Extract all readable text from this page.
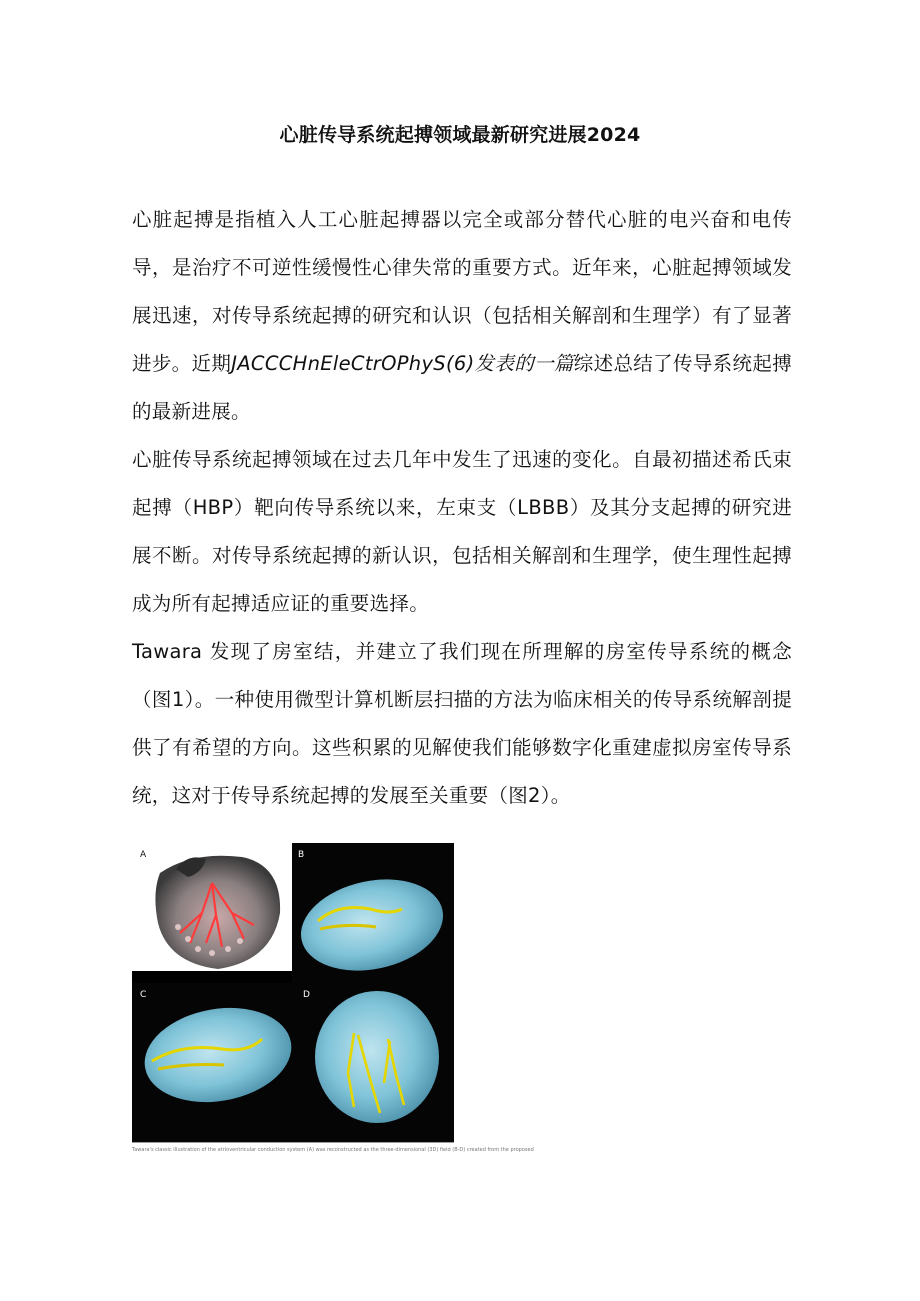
心脏传导系统起搏领域最新研究进展2024

心脏起搏是指植入人工心脏起搏器以完全或部分替代心脏的电兴奋和电传导，是治疗不可逆性缓慢性心律失常的重要方式。近年来，心脏起搏领域发展迅速，对传导系统起搏的研究和认识（包括相关解剖和生理学）有了显著进步。近期JACCCHnEleCtrOPhyS(6)发表的一篇综述总结了传导系统起搏的最新进展。

心脏传导系统起搏领域在过去几年中发生了迅速的变化。自最初描述希氏束起搏（HBP）靶向传导系统以来，左束支（LBBB）及其分支起搏的研究进展不断。对传导系统起搏的新认识，包括相关解剖和生理学，使生理性起搏成为所有起搏适应证的重要选择。

Tawara 发现了房室结，并建立了我们现在所理解的房室传导系统的概念（图1）。一种使用微型计算机断层扫描的方法为临床相关的传导系统解剖提供了有希望的方向。这些积累的见解使我们能够数字化重建虚拟房室传导系统，这对于传导系统起搏的发展至关重要（图2）。

A	B
C	D
Tawara's classic illustration of the atrioventricular conduction system (A) was reconstructed as the three-dimensional (3D) field (B-D) created from the proposed
